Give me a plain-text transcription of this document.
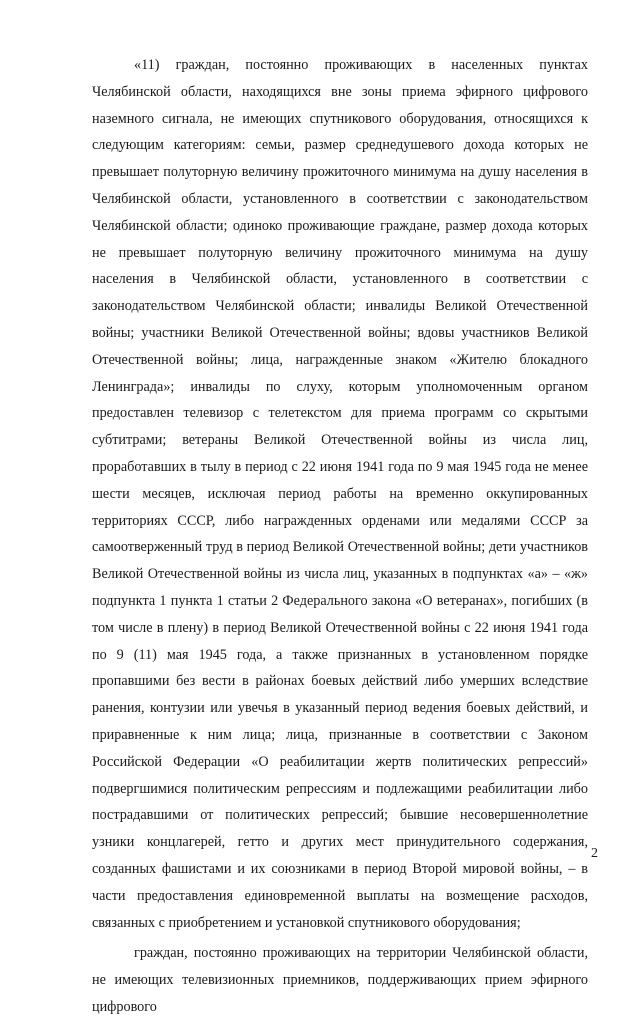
«11) граждан, постоянно проживающих в населенных пунктах Челябинской области, находящихся вне зоны приема эфирного цифрового наземного сигнала, не имеющих спутникового оборудования, относящихся к следующим категориям: семьи, размер среднедушевого дохода которых не превышает полуторную величину прожиточного минимума на душу населения в Челябинской области, установленного в соответствии с законодательством Челябинской области; одиноко проживающие граждане, размер дохода которых не превышает полуторную величину прожиточного минимума на душу населения в Челябинской области, установленного в соответствии с законодательством Челябинской области; инвалиды Великой Отечественной войны; участники Великой Отечественной войны; вдовы участников Великой Отечественной войны; лица, награжденные знаком «Жителю блокадного Ленинграда»; инвалиды по слуху, которым уполномоченным органом предоставлен телевизор с телетекстом для приема программ со скрытыми субтитрами; ветераны Великой Отечественной войны из числа лиц, проработавших в тылу в период с 22 июня 1941 года по 9 мая 1945 года не менее шести месяцев, исключая период работы на временно оккупированных территориях СССР, либо награжденных орденами или медалями СССР за самоотверженный труд в период Великой Отечественной войны; дети участников Великой Отечественной войны из числа лиц, указанных в подпунктах «а» – «ж» подпункта 1 пункта 1 статьи 2 Федерального закона «О ветеранах», погибших (в том числе в плену) в период Великой Отечественной войны с 22 июня 1941 года по 9 (11) мая 1945 года, а также признанных в установленном порядке пропавшими без вести в районах боевых действий либо умерших вследствие ранения, контузии или увечья в указанный период ведения боевых действий, и приравненные к ним лица; лица, признанные в соответствии с Законом Российской Федерации «О реабилитации жертв политических репрессий» подвергшимися политическим репрессиям и подлежащими реабилитации либо пострадавшими от политических репрессий; бывшие несовершеннолетние узники концлагерей, гетто и других мест принудительного содержания, созданных фашистами и их союзниками в период Второй мировой войны, – в части предоставления единовременной выплаты на возмещение расходов, связанных с приобретением и установкой спутникового оборудования;

граждан, постоянно проживающих на территории Челябинской области, не имеющих телевизионных приемников, поддерживающих прием эфирного цифрового

2
